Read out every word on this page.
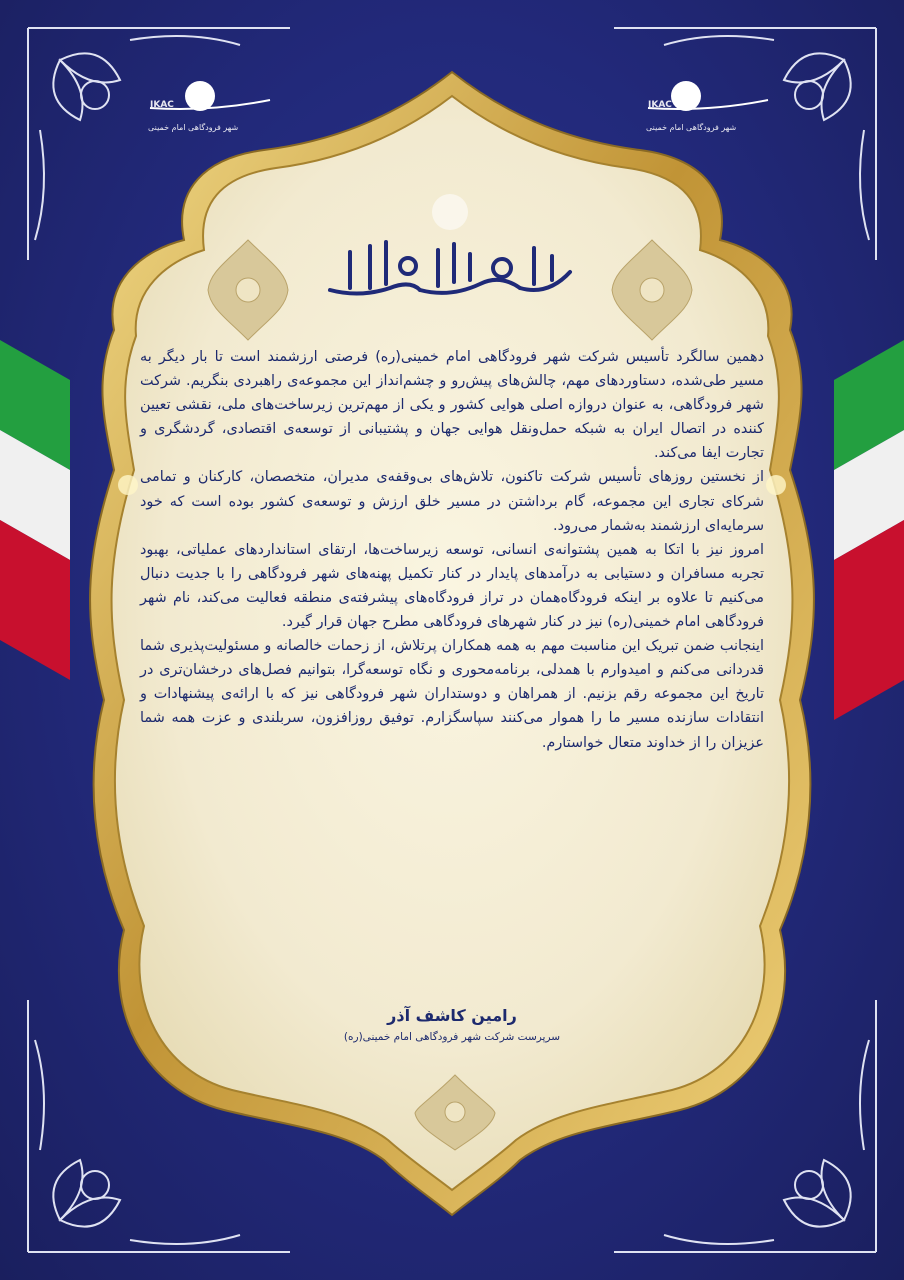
IKAC
شهر فرودگاهی امام خمینی
IKAC
شهر فرودگاهی امام خمینی

دهمین سالگرد تأسیس شرکت شهر فرودگاهی امام خمینی(ره) فرصتی ارزشمند است تا بار دیگر به مسیر طی‌شده، دستاوردهای مهم، چالش‌های پیش‌رو و چشم‌انداز این مجموعه‌ی راهبردی بنگریم. شرکت شهر فرودگاهی، به عنوان دروازه اصلی هوایی کشور و یکی از مهم‌ترین زیرساخت‌های ملی، نقشی تعیین کننده در اتصال ایران به شبکه حمل‌ونقل هوایی جهان و پشتیبانی از توسعه‌ی اقتصادی، گردشگری و تجارت ایفا می‌کند.

از نخستین روزهای تأسیس شرکت تاکنون، تلاش‌های بی‌وقفه‌ی مدیران، متخصصان، کارکنان و تمامی شرکای تجاری این مجموعه، گام برداشتن در مسیر خلق ارزش و توسعه‌ی کشور بوده است که خود سرمایه‌ای ارزشمند به‌شمار می‌رود.

امروز نیز با اتکا به همین پشتوانه‌ی انسانی، توسعه زیرساخت‌ها، ارتقای استانداردهای عملیاتی، بهبود تجربه مسافران و دستیابی به درآمدهای پایدار در کنار تکمیل پهنه‌های شهر فرودگاهی را با جدیت دنبال می‌کنیم تا علاوه بر اینکه فرودگاه‌همان در تراز فرودگاه‌های پیشرفته‌ی منطقه فعالیت می‌کند، نام شهر فرودگاهی امام خمینی(ره) نیز در کنار شهرهای فرودگاهی مطرح جهان قرار گیرد.

اینجانب ضمن تبریک این مناسبت مهم به همه همکاران پرتلاش، از زحمات خالصانه و مسئولیت‌پذیری شما قدردانی می‌کنم و امیدوارم با همدلی، برنامه‌محوری و نگاه توسعه‌گرا، بتوانیم فصل‌های درخشان‌تری در تاریخ این مجموعه رقم بزنیم. از همراهان و دوستداران شهر فرودگاهی نیز که با ارائه‌ی پیشنهادات و انتقادات سازنده مسیر ما را هموار می‌کنند سپاسگزارم. توفیق روزافزون، سربلندی و عزت همه شما عزیزان را از خداوند متعال خواستارم.

رامین کاشف آذر
سرپرست شرکت شهر فرودگاهی امام خمینی(ره)
